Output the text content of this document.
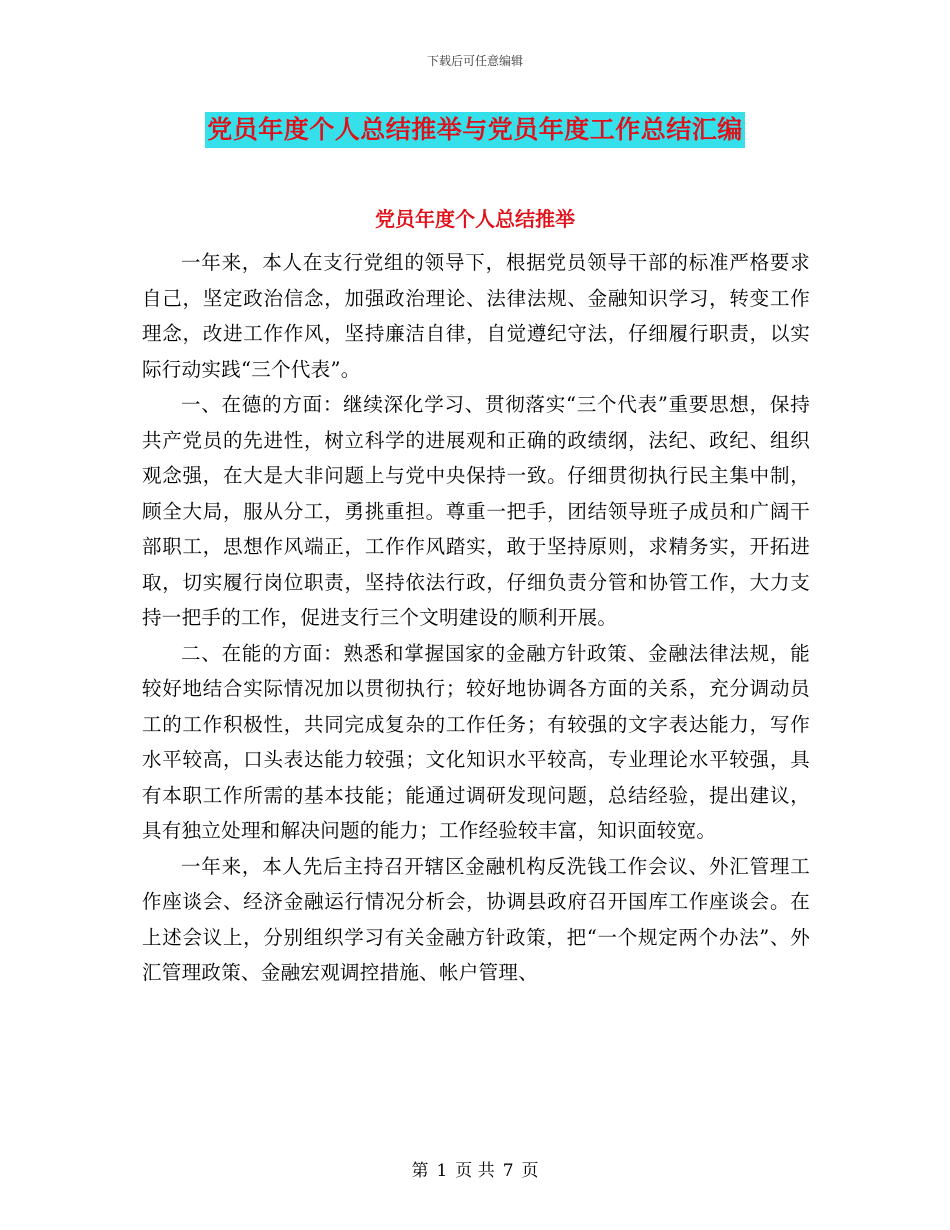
下载后可任意编辑
党员年度个人总结推举与党员年度工作总结汇编
党员年度个人总结推举

一年来，本人在支行党组的领导下，根据党员领导干部的标准严格要求自己，坚定政治信念，加强政治理论、法律法规、金融知识学习，转变工作理念，改进工作作风，坚持廉洁自律，自觉遵纪守法，仔细履行职责，以实际行动实践“三个代表”。

一、在德的方面：继续深化学习、贯彻落实“三个代表”重要思想，保持共产党员的先进性，树立科学的进展观和正确的政绩纲，法纪、政纪、组织观念强，在大是大非问题上与党中央保持一致。仔细贯彻执行民主集中制，顾全大局，服从分工，勇挑重担。尊重一把手，团结领导班子成员和广阔干部职工，思想作风端正，工作作风踏实，敢于坚持原则，求精务实，开拓进取，切实履行岗位职责，坚持依法行政，仔细负责分管和协管工作，大力支持一把手的工作，促进支行三个文明建设的顺利开展。

二、在能的方面：熟悉和掌握国家的金融方针政策、金融法律法规，能较好地结合实际情况加以贯彻执行；较好地协调各方面的关系，充分调动员工的工作积极性，共同完成复杂的工作任务；有较强的文字表达能力，写作水平较高，口头表达能力较强；文化知识水平较高，专业理论水平较强，具有本职工作所需的基本技能；能通过调研发现问题，总结经验，提出建议，具有独立处理和解决问题的能力；工作经验较丰富，知识面较宽。

一年来，本人先后主持召开辖区金融机构反洗钱工作会议、外汇管理工作座谈会、经济金融运行情况分析会，协调县政府召开国库工作座谈会。在上述会议上，分别组织学习有关金融方针政策，把“一个规定两个办法”、外汇管理政策、金融宏观调控措施、帐户管理、

第 1 页 共 7 页
